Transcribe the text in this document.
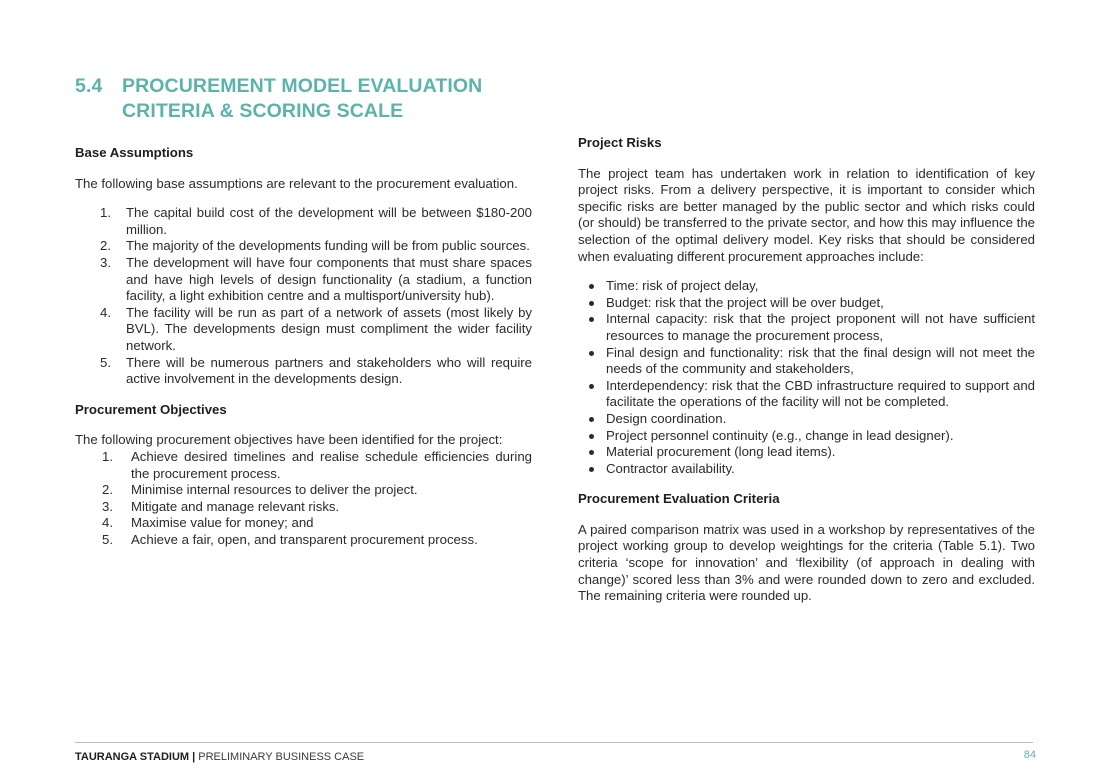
5.4 PROCUREMENT MODEL EVALUATION
CRITERIA & SCORING SCALE
Base Assumptions

The following base assumptions are relevant to the procurement evaluation.

1. The capital build cost of the development will be between $180-200 million.
2. The majority of the developments funding will be from public sources.
3. The development will have four components that must share spaces and have high levels of design functionality (a stadium, a function facility, a light exhibition centre and a multisport/university hub).
4. The facility will be run as part of a network of assets (most likely by BVL). The developments design must compliment the wider facility network.
5. There will be numerous partners and stakeholders who will require active involvement in the developments design.
Procurement Objectives

The following procurement objectives have been identified for the project:

1. Achieve desired timelines and realise schedule efficiencies during the procurement process.
2. Minimise internal resources to deliver the project.
3. Mitigate and manage relevant risks.
4. Maximise value for money; and
5. Achieve a fair, open, and transparent procurement process.
Project Risks

The project team has undertaken work in relation to identification of key project risks. From a delivery perspective, it is important to consider which specific risks are better managed by the public sector and which risks could (or should) be transferred to the private sector, and how this may influence the selection of the optimal delivery model. Key risks that should be considered when evaluating different procurement approaches include:

Time: risk of project delay,
Budget: risk that the project will be over budget,
Internal capacity: risk that the project proponent will not have sufficient resources to manage the procurement process,
Final design and functionality: risk that the final design will not meet the needs of the community and stakeholders,
Interdependency: risk that the CBD infrastructure required to support and facilitate the operations of the facility will not be completed.
Design coordination.
Project personnel continuity (e.g., change in lead designer).
Material procurement (long lead items).
Contractor availability.
Procurement Evaluation Criteria

A paired comparison matrix was used in a workshop by representatives of the project working group to develop weightings for the criteria (Table 5.1). Two criteria ‘scope for innovation’ and ‘flexibility (of approach in dealing with change)’ scored less than 3% and were rounded down to zero and excluded. The remaining criteria were rounded up.

TAURANGA STADIUM | PRELIMINARY BUSINESS CASE	84
